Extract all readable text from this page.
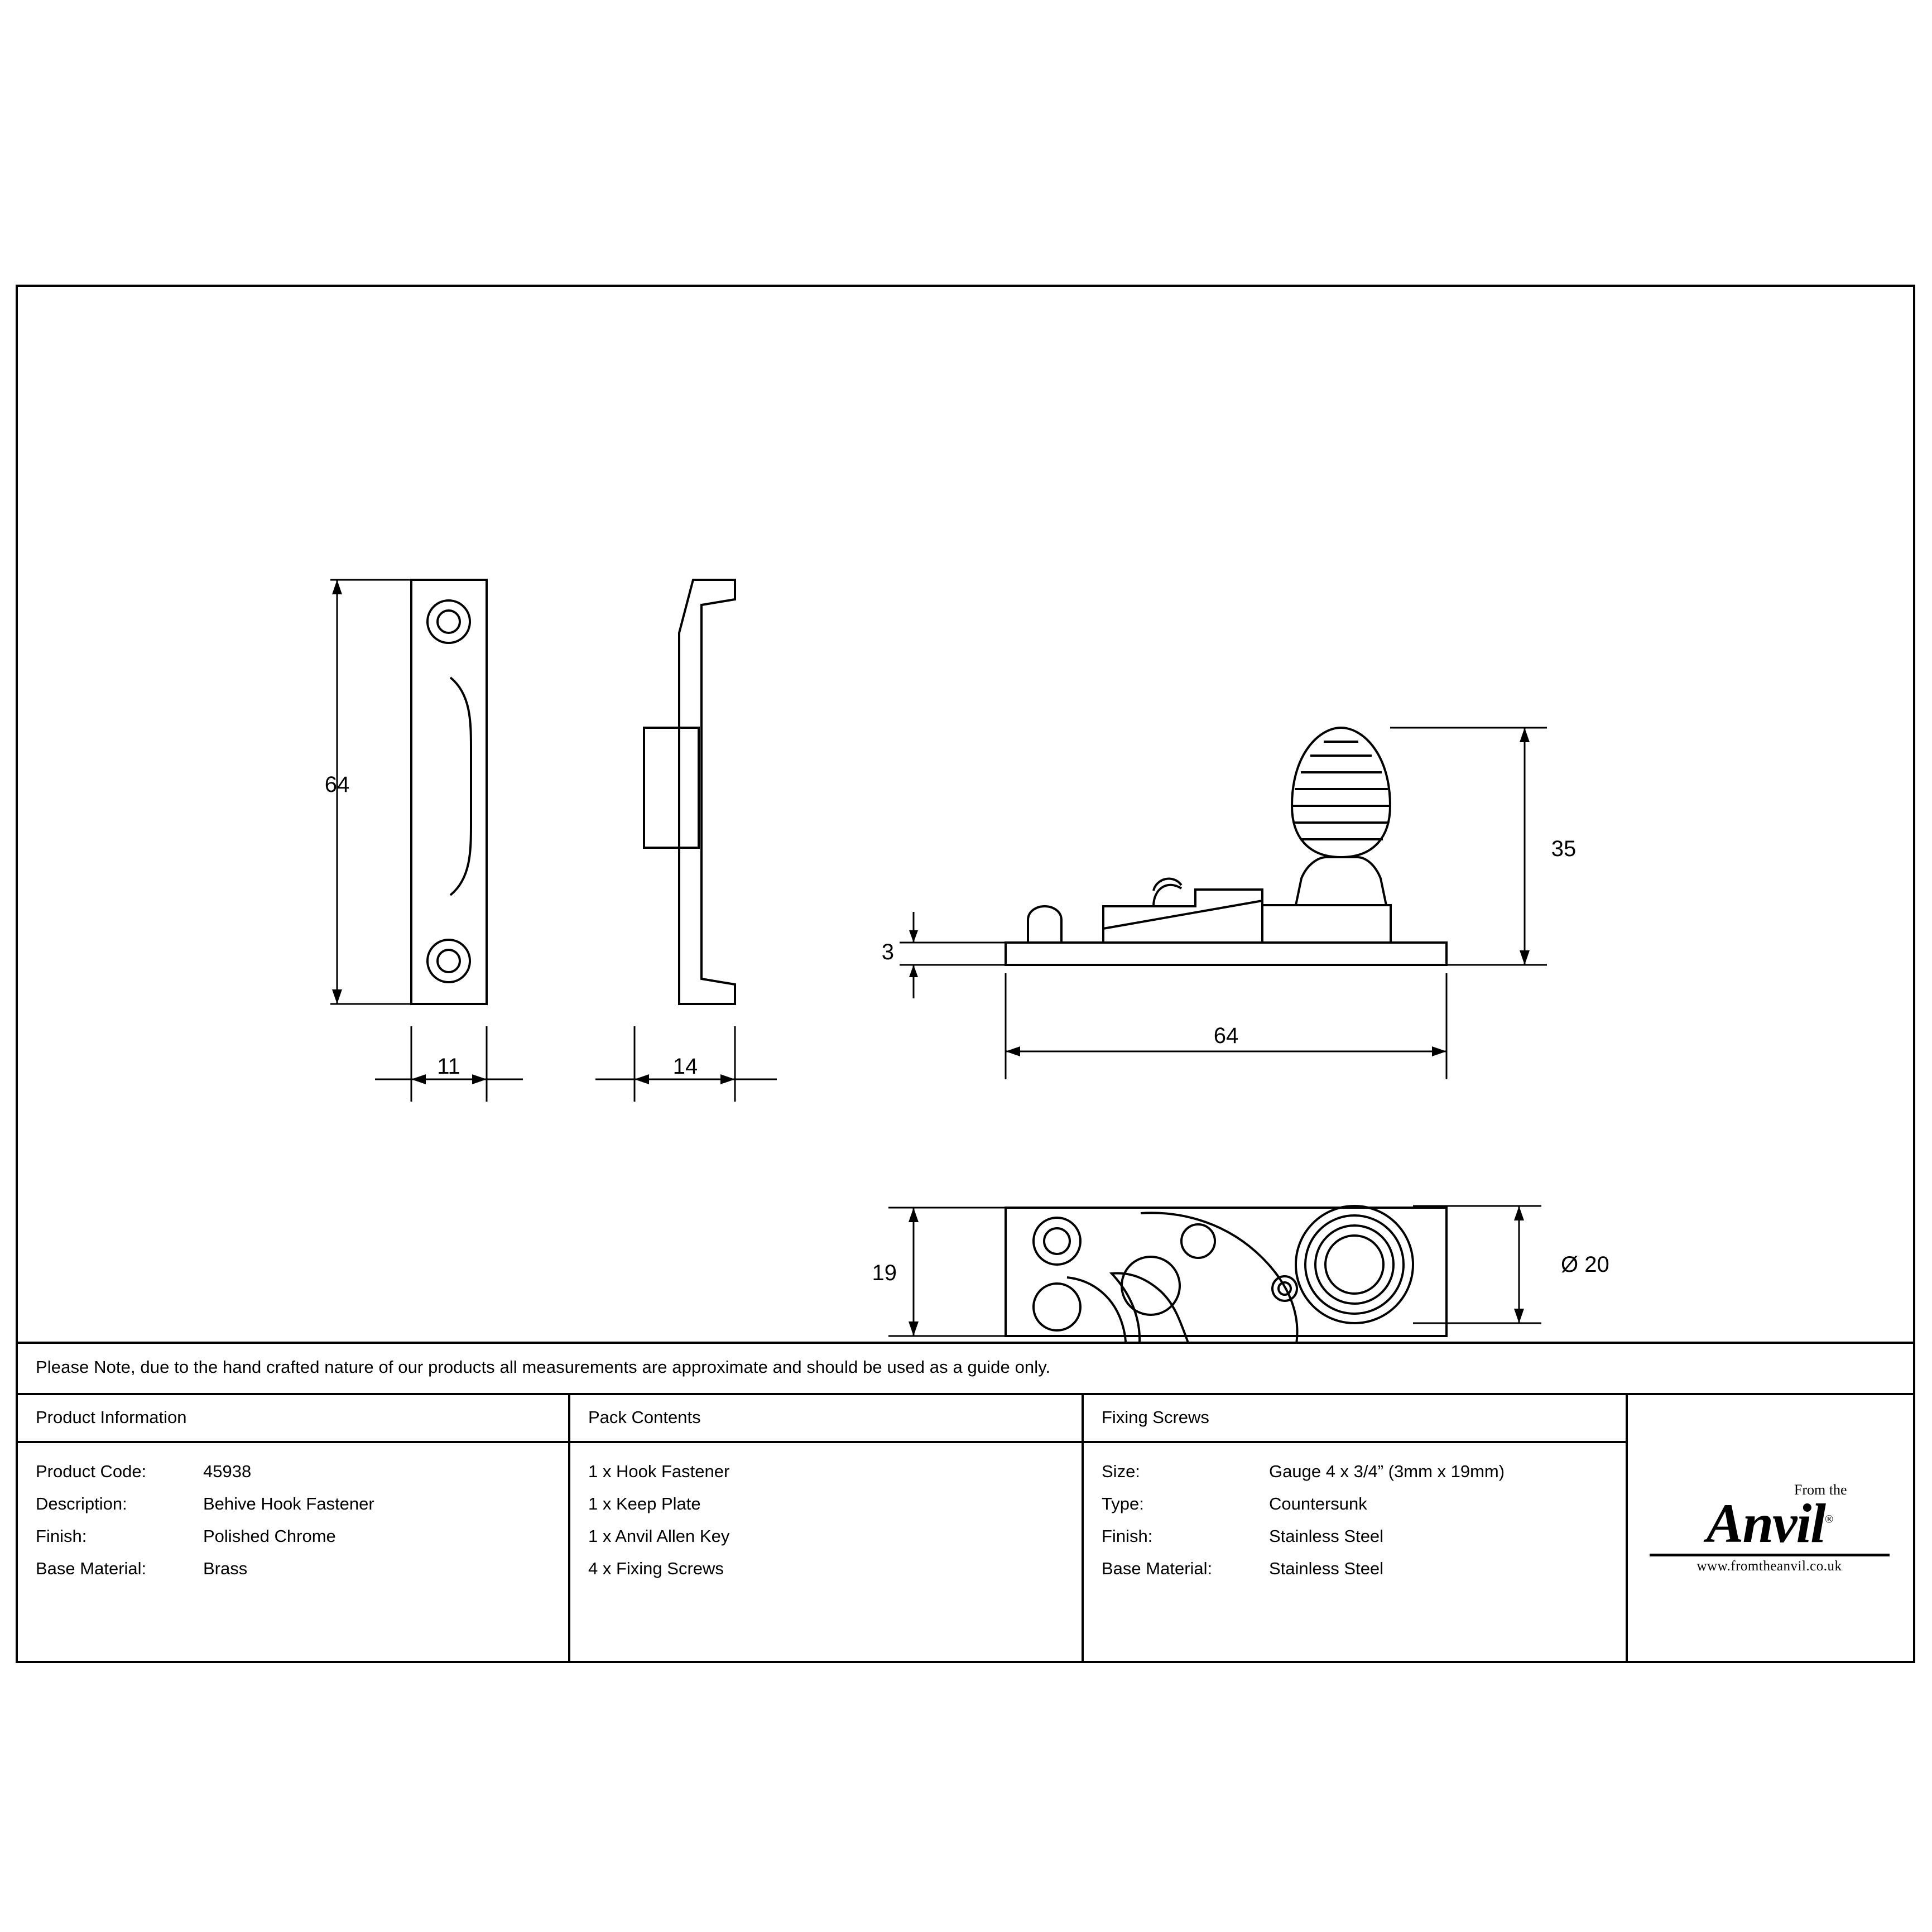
64
11	14
35
3
64
19	Ø 20
Please Note, due to the hand crafted nature of our products all measurements are approximate and should be used as a guide only.
Product Information
Product Code:	45938
Description:	Behive Hook Fastener
Finish:	Polished Chrome
Base Material:	Brass
Pack Contents
1 x Hook Fastener
1 x Keep Plate
1 x Anvil Allen Key
4 x Fixing Screws
Fixing Screws
Size:	Gauge 4 x 3/4” (3mm x 19mm)
Type:	Countersunk
Finish:	Stainless Steel
Base Material:	Stainless Steel
From the
Anvil®
www.fromtheanvil.co.uk
